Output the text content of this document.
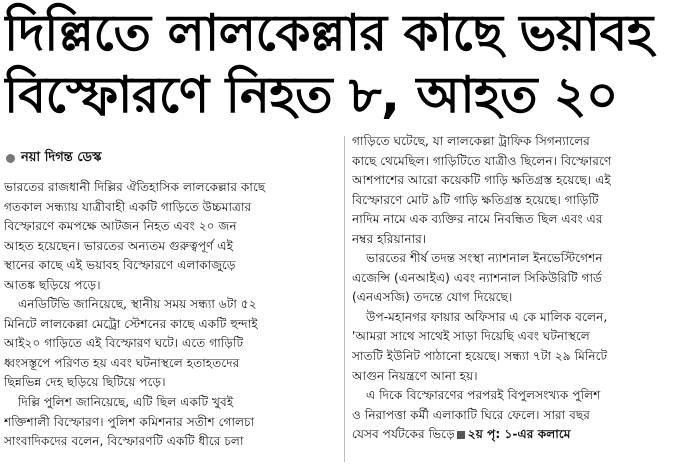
দিল্লিতে লালকেল্লার কাছে ভয়াবহ
বিস্ফোরণে নিহত ৮, আহত ২০
নয়া দিগন্ত ডেস্ক
ভারতের রাজধানী দিল্লির ঐতিহাসিক লালকেল্লার কাছে
গতকাল সন্ধ্যায় যাত্রীবাহী একটি গাড়িতে উচ্চমাত্রার
বিস্ফোরণে কমপক্ষে আটজন নিহত এবং ২০ জন
আহত হয়েছেন। ভারতের অন্যতম গুরুত্বপূর্ণ এই
স্থানের কাছে এই ভয়াবহ বিস্ফোরণে এলাকাজুড়ে
আতঙ্ক ছড়িয়ে পড়ে।
এনডিটিভি জানিয়েছে, স্থানীয় সময় সন্ধ্যা ৬টা ৫২
মিনিটে লালকেল্লা মেট্রো স্টেশনের কাছে একটি হুন্দাই
আই২০ গাড়িতে এই বিস্ফোরণ ঘটে। এতে গাড়িটি
ধ্বংসস্তূপে পরিণত হয় এবং ঘটনাস্থলে হতাহতদের
ছিন্নভিন্ন দেহ ছড়িয়ে ছিটিয়ে পড়ে।
দিল্লি পুলিশ জানিয়েছে, এটি ছিল একটি খুবই
শক্তিশালী বিস্ফোরণ। পুলিশ কমিশনার সতীশ গোলচা
সাংবাদিকদের বলেন, বিস্ফোরণটি একটি ধীরে চলা
গাড়িতে ঘটেছে, যা লালকেল্লা ট্রাফিক সিগন্যালের
কাছে থেমেছিল। গাড়িটিতে যাত্রীও ছিলেন। বিস্ফোরণে
আশপাশের আরো কয়েকটি গাড়ি ক্ষতিগ্রস্ত হয়েছে। এই
বিস্ফোরণে মোট ৯টি গাড়ি ক্ষতিগ্রস্ত হয়েছে। গাড়িটি
নাদিম নামে এক ব্যক্তির নামে নিবন্ধিত ছিল এবং এর
নম্বর হরিয়ানার।
ভারতের শীর্ষ তদন্ত সংস্থা ন্যাশনাল ইনভেস্টিগেশন
এজেন্সি (এনআইএ) এবং ন্যাশনাল সিকিউরিটি গার্ড
(এনএসজি) তদন্তে যোগ দিয়েছে।
উপ-মহানগর ফায়ার অফিসার এ কে মালিক বলেন,
'আমরা সাথে সাথেই সাড়া দিয়েছি এবং ঘটনাস্থলে
সাতটি ইউনিট পাঠানো হয়েছে। সন্ধ্যা ৭টা ২৯ মিনিটে
আগুন নিয়ন্ত্রণে আনা হয়।
এ দিকে বিস্ফোরণের পরপরই বিপুলসংখ্যক পুলিশ
ও নিরাপত্তা কর্মী এলাকাটি ঘিরে ফেলে। সারা বছর
যেসব পর্যটকের ভিড়ে ২য় পৃ: ১-এর কলামে
